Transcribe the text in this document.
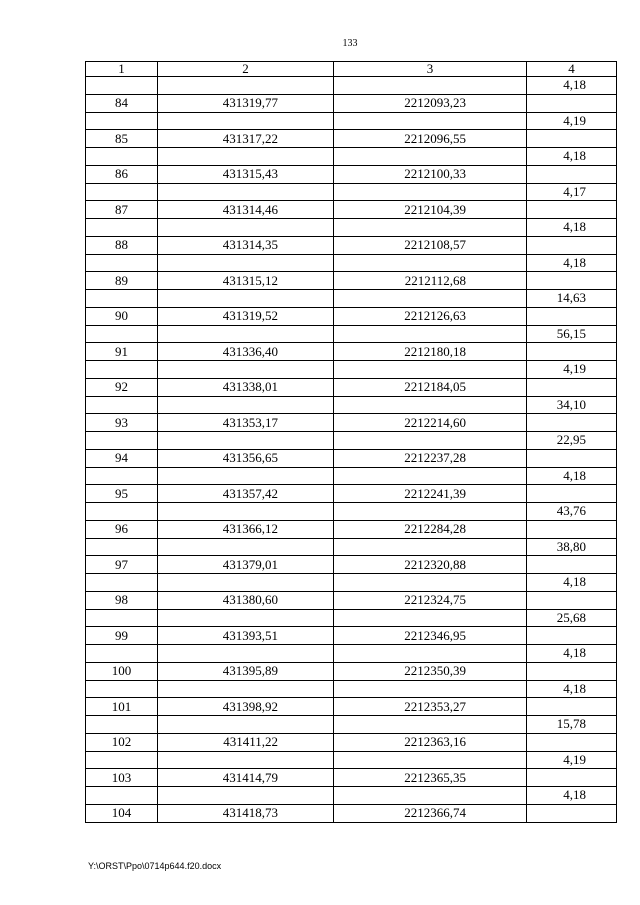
133
1	2	3	4
			4,18
84	431319,77	2212093,23	
			4,19
85	431317,22	2212096,55	
			4,18
86	431315,43	2212100,33	
			4,17
87	431314,46	2212104,39	
			4,18
88	431314,35	2212108,57	
			4,18
89	431315,12	2212112,68	
			14,63
90	431319,52	2212126,63	
			56,15
91	431336,40	2212180,18	
			4,19
92	431338,01	2212184,05	
			34,10
93	431353,17	2212214,60	
			22,95
94	431356,65	2212237,28	
			4,18
95	431357,42	2212241,39	
			43,76
96	431366,12	2212284,28	
			38,80
97	431379,01	2212320,88	
			4,18
98	431380,60	2212324,75	
			25,68
99	431393,51	2212346,95	
			4,18
100	431395,89	2212350,39	
			4,18
101	431398,92	2212353,27	
			15,78
102	431411,22	2212363,16	
			4,19
103	431414,79	2212365,35	
			4,18
104	431418,73	2212366,74	
Y:\ORST\Ppo\0714p644.f20.docx
